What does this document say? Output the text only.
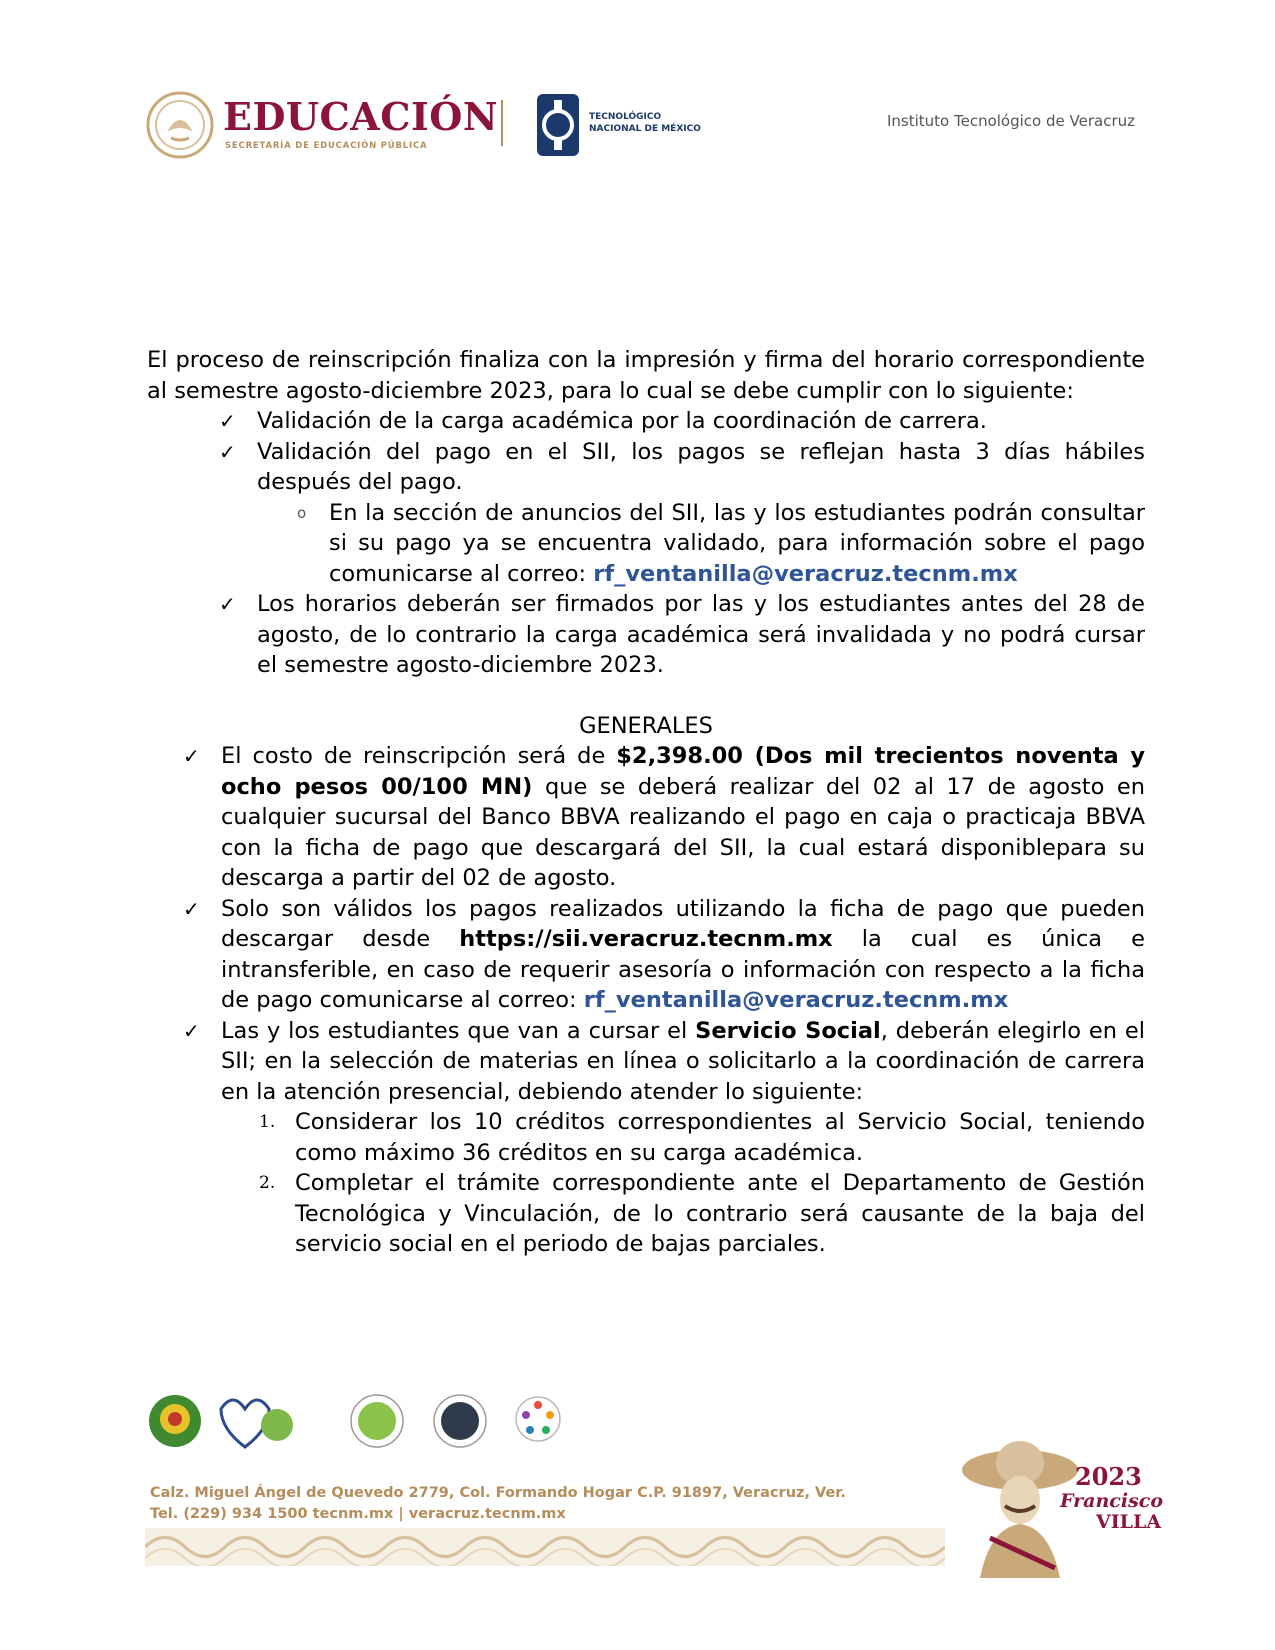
EDUCACIÓN
SECRETARÍA DE EDUCACIÓN PÚBLICA
TECNOLÓGICO
NACIONAL DE MÉXICO	Instituto Tecnológico de Veracruz

El proceso de reinscripción finaliza con la impresión y firma del horario correspondiente al semestre agosto-diciembre 2023, para lo cual se debe cumplir con lo siguiente:

✓ Validación de la carga académica por la coordinación de carrera.
✓ Validación del pago en el SII, los pagos se reflejan hasta 3 días hábiles después del pago.
o En la sección de anuncios del SII, las y los estudiantes podrán consultar si su pago ya se encuentra validado, para información sobre el pago comunicarse al correo: rf_ventanilla@veracruz.tecnm.mx
✓ Los horarios deberán ser firmados por las y los estudiantes antes del 28 de agosto, de lo contrario la carga académica será invalidada y no podrá cursar el semestre agosto-diciembre 2023.
GENERALES
✓ El costo de reinscripción será de $2,398.00 (Dos mil trecientos noventa y ocho pesos 00/100 MN) que se deberá realizar del 02 al 17 de agosto en cualquier sucursal del Banco BBVA realizando el pago en caja o practicaja BBVA con la ficha de pago que descargará del SII, la cual estará disponiblepara su descarga a partir del 02 de agosto.
✓ Solo son válidos los pagos realizados utilizando la ficha de pago que pueden descargar desde https://sii.veracruz.tecnm.mx la cual es única e intransferible, en caso de requerir asesoría o información con respecto a la ficha de pago comunicarse al correo: rf_ventanilla@veracruz.tecnm.mx
✓ Las y los estudiantes que van a cursar el Servicio Social, deberán elegirlo en el SII; en la selección de materias en línea o solicitarlo a la coordinación de carrera en la atención presencial, debiendo atender lo siguiente:
1. Considerar los 10 créditos correspondientes al Servicio Social, teniendo como máximo 36 créditos en su carga académica.
2. Completar el trámite correspondiente ante el Departamento de Gestión Tecnológica y Vinculación, de lo contrario será causante de la baja del servicio social en el periodo de bajas parciales.
Calz. Miguel Ángel de Quevedo 2779, Col. Formando Hogar C.P. 91897, Veracruz, Ver.
Tel. (229) 934 1500 tecnm.mx | veracruz.tecnm.mx
2023
Francisco
VILLA
